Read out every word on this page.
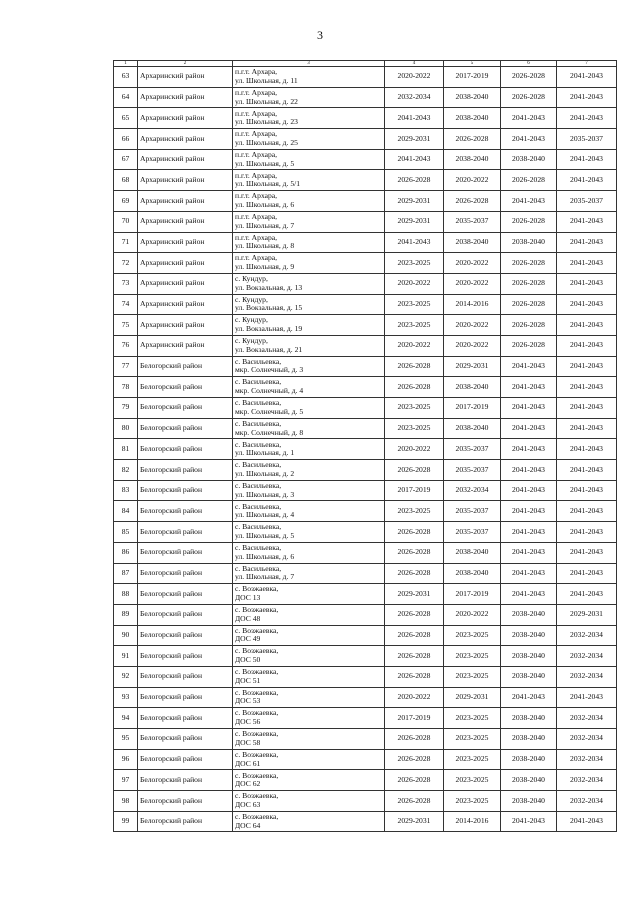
3
1	2	3	4	5	6	7
63	Архаринский район	п.г.т. Архара,
ул. Школьная, д. 11	2020-2022	2017-2019	2026-2028	2041-2043
64	Архаринский район	п.г.т. Архара,
ул. Школьная, д. 22	2032-2034	2038-2040	2026-2028	2041-2043
65	Архаринский район	п.г.т. Архара,
ул. Школьная, д. 23	2041-2043	2038-2040	2041-2043	2041-2043
66	Архаринский район	п.г.т. Архара,
ул. Школьная, д. 25	2029-2031	2026-2028	2041-2043	2035-2037
67	Архаринский район	п.г.т. Архара,
ул. Школьная, д. 5	2041-2043	2038-2040	2038-2040	2041-2043
68	Архаринский район	п.г.т. Архара,
ул. Школьная, д. 5/1	2026-2028	2020-2022	2026-2028	2041-2043
69	Архаринский район	п.г.т. Архара,
ул. Школьная, д. 6	2029-2031	2026-2028	2041-2043	2035-2037
70	Архаринский район	п.г.т. Архара,
ул. Школьная, д. 7	2029-2031	2035-2037	2026-2028	2041-2043
71	Архаринский район	п.г.т. Архара,
ул. Школьная, д. 8	2041-2043	2038-2040	2038-2040	2041-2043
72	Архаринский район	п.г.т. Архара,
ул. Школьная, д. 9	2023-2025	2020-2022	2026-2028	2041-2043
73	Архаринский район	с. Кундур,
ул. Вокзальная, д. 13	2020-2022	2020-2022	2026-2028	2041-2043
74	Архаринский район	с. Кундур,
ул. Вокзальная, д. 15	2023-2025	2014-2016	2026-2028	2041-2043
75	Архаринский район	с. Кундур,
ул. Вокзальная, д. 19	2023-2025	2020-2022	2026-2028	2041-2043
76	Архаринский район	с. Кундур,
ул. Вокзальная, д. 21	2020-2022	2020-2022	2026-2028	2041-2043
77	Белогорский район	с. Васильевка,
мкр. Солнечный, д. 3	2026-2028	2029-2031	2041-2043	2041-2043
78	Белогорский район	с. Васильевка,
мкр. Солнечный, д. 4	2026-2028	2038-2040	2041-2043	2041-2043
79	Белогорский район	с. Васильевка,
мкр. Солнечный, д. 5	2023-2025	2017-2019	2041-2043	2041-2043
80	Белогорский район	с. Васильевка,
мкр. Солнечный, д. 8	2023-2025	2038-2040	2041-2043	2041-2043
81	Белогорский район	с. Васильевка,
ул. Школьная, д. 1	2020-2022	2035-2037	2041-2043	2041-2043
82	Белогорский район	с. Васильевка,
ул. Школьная, д. 2	2026-2028	2035-2037	2041-2043	2041-2043
83	Белогорский район	с. Васильевка,
ул. Школьная, д. 3	2017-2019	2032-2034	2041-2043	2041-2043
84	Белогорский район	с. Васильевка,
ул. Школьная, д. 4	2023-2025	2035-2037	2041-2043	2041-2043
85	Белогорский район	с. Васильевка,
ул. Школьная, д. 5	2026-2028	2035-2037	2041-2043	2041-2043
86	Белогорский район	с. Васильевка,
ул. Школьная, д. 6	2026-2028	2038-2040	2041-2043	2041-2043
87	Белогорский район	с. Васильевка,
ул. Школьная, д. 7	2026-2028	2038-2040	2041-2043	2041-2043
88	Белогорский район	с. Возжаевка,
ДОС 13	2029-2031	2017-2019	2041-2043	2041-2043
89	Белогорский район	с. Возжаевка,
ДОС 48	2026-2028	2020-2022	2038-2040	2029-2031
90	Белогорский район	с. Возжаевка,
ДОС 49	2026-2028	2023-2025	2038-2040	2032-2034
91	Белогорский район	с. Возжаевка,
ДОС 50	2026-2028	2023-2025	2038-2040	2032-2034
92	Белогорский район	с. Возжаевка,
ДОС 51	2026-2028	2023-2025	2038-2040	2032-2034
93	Белогорский район	с. Возжаевка,
ДОС 53	2020-2022	2029-2031	2041-2043	2041-2043
94	Белогорский район	с. Возжаевка,
ДОС 56	2017-2019	2023-2025	2038-2040	2032-2034
95	Белогорский район	с. Возжаевка,
ДОС 58	2026-2028	2023-2025	2038-2040	2032-2034
96	Белогорский район	с. Возжаевка,
ДОС 61	2026-2028	2023-2025	2038-2040	2032-2034
97	Белогорский район	с. Возжаевка,
ДОС 62	2026-2028	2023-2025	2038-2040	2032-2034
98	Белогорский район	с. Возжаевка,
ДОС 63	2026-2028	2023-2025	2038-2040	2032-2034
99	Белогорский район	с. Возжаевка,
ДОС 64	2029-2031	2014-2016	2041-2043	2041-2043
